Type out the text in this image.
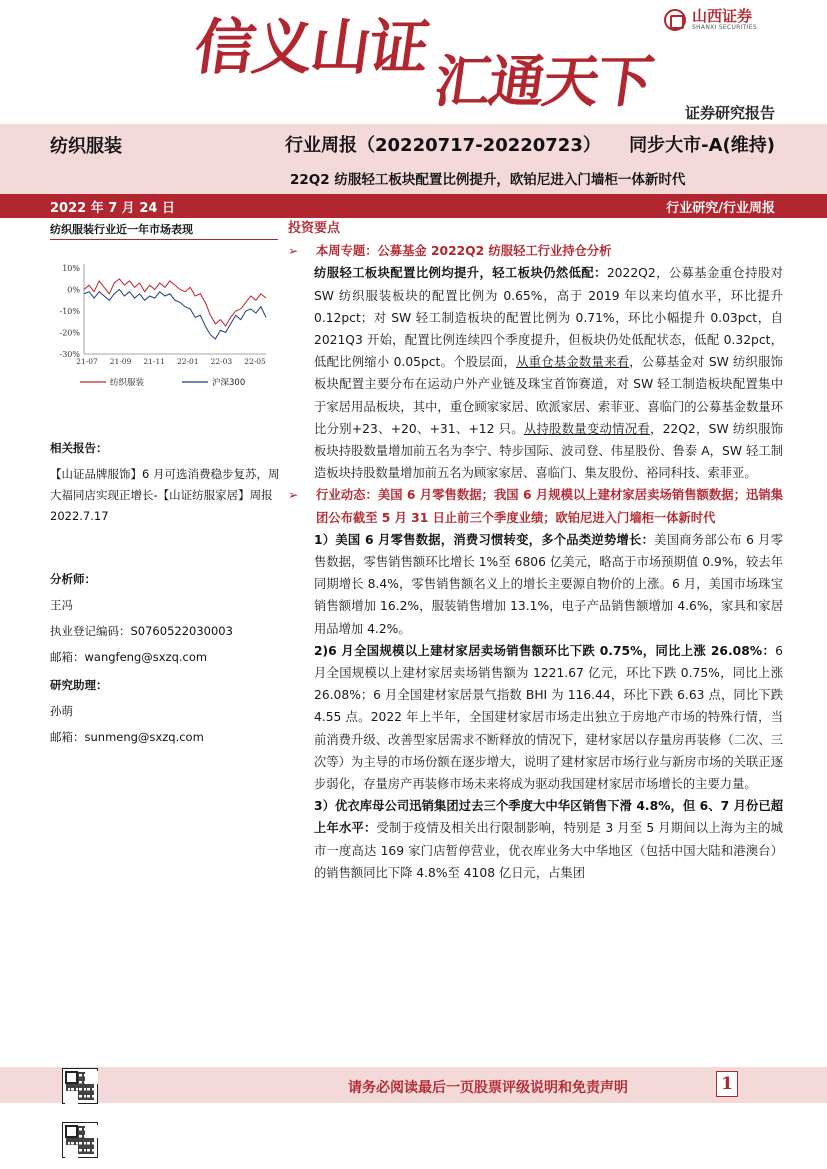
信义山证
汇通天下
山西证券
SHANXI SECURITIES
证券研究报告
纺织服装	行业周报（20220717-20220723） 同步大市-A(维持)
22Q2 纺服轻工板块配置比例提升，欧铂尼进入门墙柜一体新时代
2022 年 7 月 24 日	行业研究/行业周报
纺织服装行业近一年市场表现
10%
0%
-10%
-20%
-30%
21-07 21-09 21-11 22-01 22-03 22-05
纺织服装	沪深300
相关报告：
【山证品牌服饰】6 月可选消费稳步复苏，周大福同店实现正增长-【山证纺服家居】周报 2022.7.17
分析师：
王冯
执业登记编码：S0760522030003
邮箱：wangfeng@sxzq.com
研究助理：
孙萌
邮箱：sunmeng@sxzq.com
投资要点
➢ 本周专题：公募基金 2022Q2 纺服轻工行业持仓分析

纺服轻工板块配置比例均提升，轻工板块仍然低配：2022Q2，公募基金重仓持股对 SW 纺织服装板块的配置比例为 0.65%，高于 2019 年以来均值水平，环比提升 0.12pct；对 SW 轻工制造板块的配置比例为 0.71%，环比小幅提升 0.03pct，自 2021Q3 开始，配置比例连续四个季度提升，但板块仍处低配状态，低配 0.32pct，低配比例缩小 0.05pct。个股层面，从重仓基金数量来看，公募基金对 SW 纺织服饰板块配置主要分布在运动户外产业链及珠宝首饰赛道，对 SW 轻工制造板块配置集中于家居用品板块，其中，重仓顾家家居、欧派家居、索菲亚、喜临门的公募基金数量环比分别+23、+20、+31、+12 只。从持股数量变动情况看，22Q2，SW 纺织服饰板块持股数量增加前五名为李宁、特步国际、波司登、伟星股份、鲁泰 A，SW 轻工制造板块持股数量增加前五名为顾家家居、喜临门、集友股份、裕同科技、索菲亚。

➢ 行业动态：美国 6 月零售数据；我国 6 月规模以上建材家居卖场销售额数据；迅销集团公布截至 5 月 31 日止前三个季度业绩；欧铂尼进入门墙柜一体新时代

1）美国 6 月零售数据，消费习惯转变，多个品类逆势增长：美国商务部公布 6 月零售数据，零售销售额环比增长 1%至 6806 亿美元，略高于市场预期值 0.9%，较去年同期增长 8.4%，零售销售额名义上的增长主要源自物价的上涨。6 月，美国市场珠宝销售额增加 16.2%，服装销售增加 13.1%，电子产品销售额增加 4.6%，家具和家居用品增加 4.2%。

2)6 月全国规模以上建材家居卖场销售额环比下跌 0.75%，同比上涨 26.08%：6 月全国规模以上建材家居卖场销售额为 1221.67 亿元，环比下跌 0.75%，同比上涨 26.08%；6 月全国建材家居景气指数 BHI 为 116.44，环比下跌 6.63 点，同比下跌 4.55 点。2022 年上半年，全国建材家居市场走出独立于房地产市场的特殊行情，当前消费升级、改善型家居需求不断释放的情况下，建材家居以存量房再装修（二次、三次等）为主导的市场份额在逐步增大，说明了建材家居市场行业与新房市场的关联正逐步弱化，存量房产再装修市场未来将成为驱动我国建材家居市场增长的主要力量。

3）优衣库母公司迅销集团过去三个季度大中华区销售下滑 4.8%，但 6、7 月份已超上年水平：受制于疫情及相关出行限制影响，特别是 3 月至 5 月期间以上海为主的城市一度高达 169 家门店暂停营业，优衣库业务大中华地区（包括中国大陆和港澳台）的销售额同比下降 4.8%至 4108 亿日元，占集团

请务必阅读最后一页股票评级说明和免责声明	1
